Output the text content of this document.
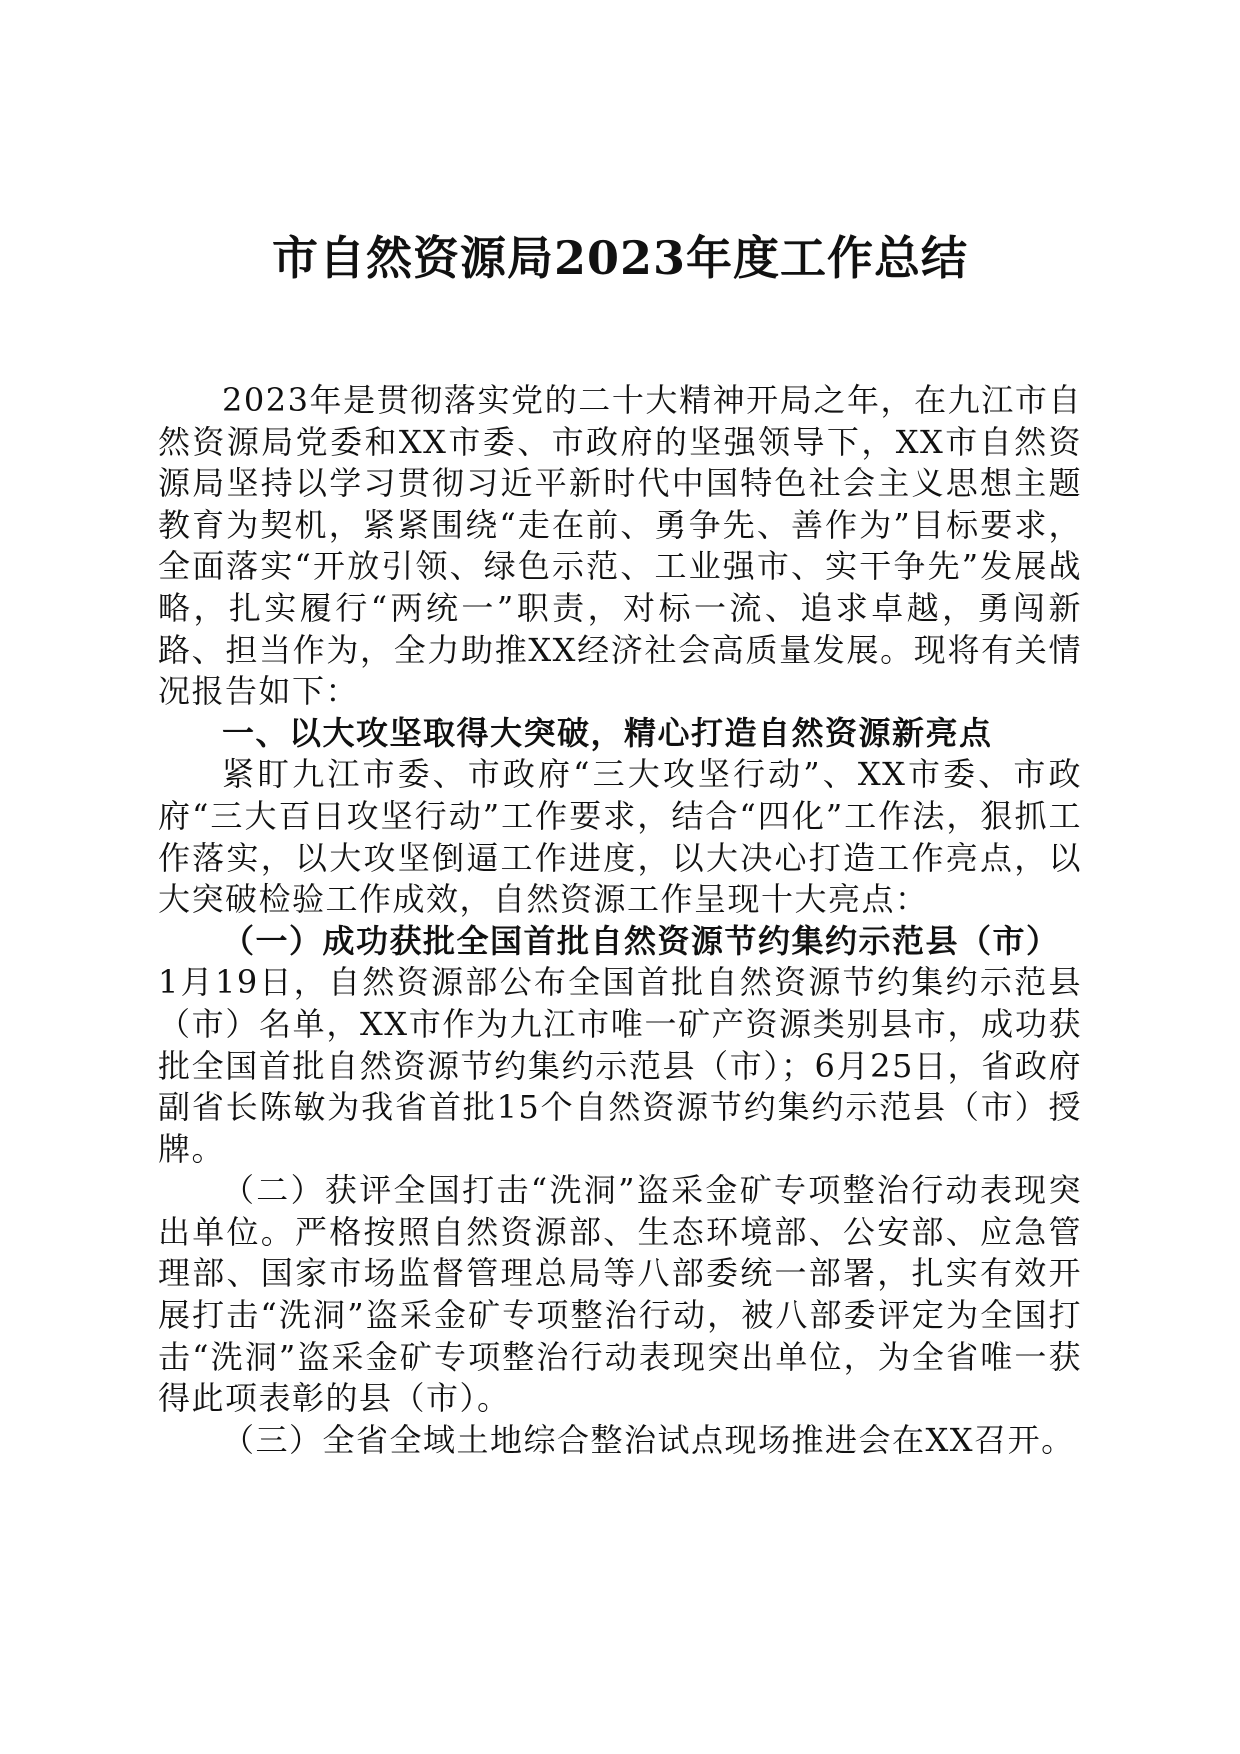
市自然资源局2023年度工作总结

2023年是贯彻落实党的二十大精神开局之年，在九江市自然资源局党委和XX市委、市政府的坚强领导下，XX市自然资源局坚持以学习贯彻习近平新时代中国特色社会主义思想主题教育为契机，紧紧围绕“走在前、勇争先、善作为”目标要求，全面落实“开放引领、绿色示范、工业强市、实干争先”发展战略，扎实履行“两统一”职责，对标一流、追求卓越，勇闯新路、担当作为，全力助推XX经济社会高质量发展。现将有关情况报告如下：

一、以大攻坚取得大突破，精心打造自然资源新亮点

紧盯九江市委、市政府“三大攻坚行动”、XX市委、市政府“三大百日攻坚行动”工作要求，结合“四化”工作法，狠抓工作落实，以大攻坚倒逼工作进度，以大决心打造工作亮点，以大突破检验工作成效，自然资源工作呈现十大亮点：

（一）成功获批全国首批自然资源节约集约示范县（市）
1月19日，自然资源部公布全国首批自然资源节约集约示范县（市）名单，XX市作为九江市唯一矿产资源类别县市，成功获批全国首批自然资源节约集约示范县（市）；6月25日，省政府副省长陈敏为我省首批15个自然资源节约集约示范县（市）授牌。

（二）获评全国打击“洗洞”盗采金矿专项整治行动表现突出单位。严格按照自然资源部、生态环境部、公安部、应急管理部、国家市场监督管理总局等八部委统一部署，扎实有效开展打击“洗洞”盗采金矿专项整治行动，被八部委评定为全国打击“洗洞”盗采金矿专项整治行动表现突出单位，为全省唯一获得此项表彰的县（市）。

（三）全省全域土地综合整治试点现场推进会在XX召开。
